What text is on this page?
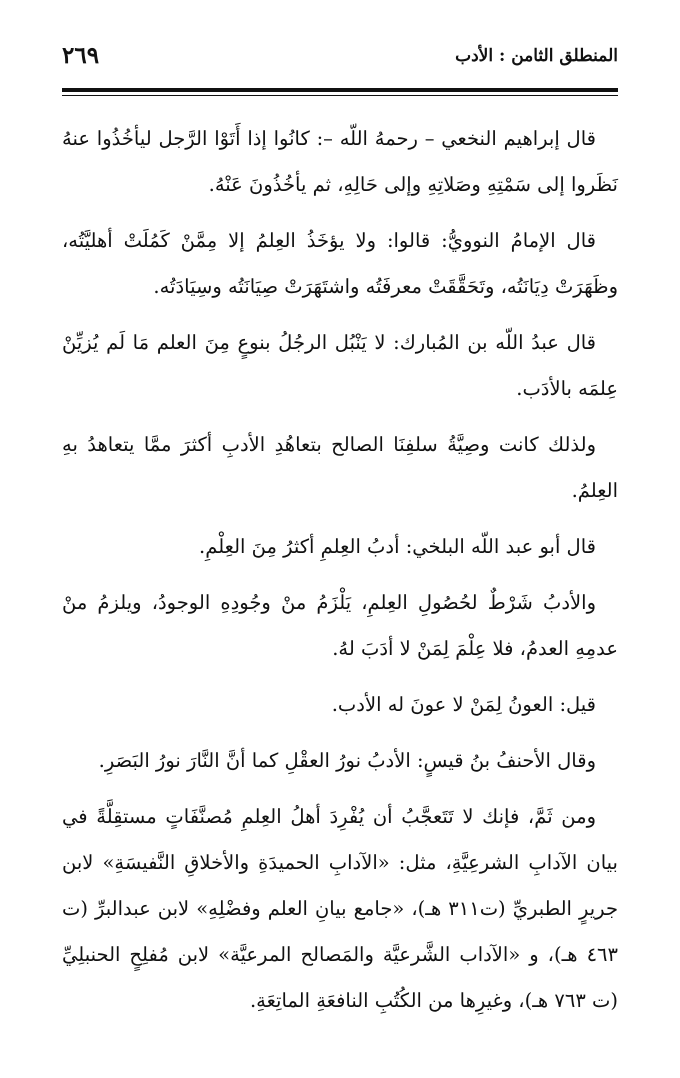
المنطلق الثامن : الأدب
٢٦٩

قال إبراهيم النخعي – رحمهُ اللّه –: كانُوا إذا أَتَوْا الرَّجل ليأخُذُوا عنهُ نَظَروا إلى سَمْتِهِ وصَلاتِهِ وإلى حَالِهِ، ثم يأخُذُونَ عَنْهُ.

قال الإمامُ النوويُّ: قالوا: ولا يؤخَذُ العِلمُ إلا مِمَّنْ كَمُلَتْ أهليَّتُه، وظَهَرَتْ دِيَانَتُه، وتَحَقَّقَتْ معرفَتُه واشتَهَرَتْ صِيَانَتُه وسِيَادَتُه.

قال عبدُ اللّه بن المُبارك: لا يَنْبُل الرجُلُ بنوعٍ مِنَ العلم مَا لَم يُزيِّنْ عِلمَه بالأدَب.

ولذلك كانت وصِيَّةُ سلفِنَا الصالح بتعاهُدِ الأدبِ أكثرَ ممَّا يتعاهدُ بهِ العِلمُ.

قال أبو عبد اللّه البلخي: أدبُ العِلمِ أكثرُ مِنَ العِلْمِ.

والأدبُ شَرْطٌ لحُصُولِ العِلمِ، يَلْزَمُ منْ وجُودِهِ الوجودُ، ويلزمُ منْ عدمِهِ العدمُ، فلا عِلْمَ لِمَنْ لا أدَبَ لهُ.

قيل: العونُ لِمَنْ لا عونَ له الأدب.

وقال الأحنفُ بنُ قيسٍ: الأدبُ نورُ العقْلِ كما أنَّ النَّارَ نورُ البَصَرِ.

ومن ثَمَّ، فإنك لا تَتَعجَّبُ أن يُفْرِدَ أهلُ العِلمِ مُصنَّفَاتٍ مستقِلَّةً في بيان الآدابِ الشرعِيَّةِ، مثل: «الآدابِ الحميدَةِ والأخلاقِ النَّفيسَةِ» لابن جريرٍ الطبريِّ (ت٣١١ هـ)، «جامع بيانِ العلم وفضْلِهِ» لابن عبدالبرِّ (ت ٤٦٣ هـ)، و «الآداب الشَّرعيَّة والمَصالح المرعيَّة» لابن مُفلِحٍ الحنبلِيِّ (ت ٧٦٣ هـ)، وغيرِها من الكُتُبِ النافعَةِ الماتِعَةِ.
